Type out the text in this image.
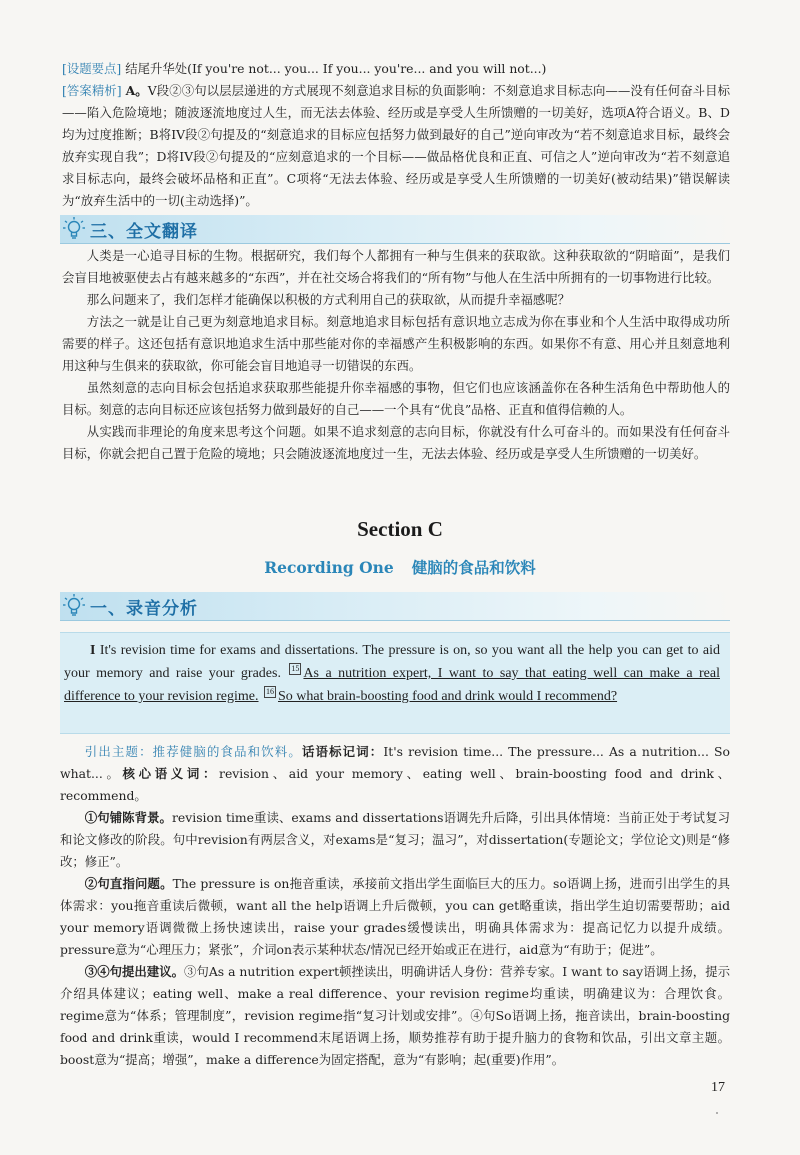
[设题要点] 结尾升华处(If you're not... you... If you... you're... and you will not...)

[答案精析] A。V段②③句以层层递进的方式展现不刻意追求目标的负面影响：不刻意追求目标志向——没有任何奋斗目标——陷入危险境地；随波逐流地度过人生，而无法去体验、经历或是享受人生所馈赠的一切美好，选项A符合语义。B、D均为过度推断；B将IV段②句提及的“刻意追求的目标应包括努力做到最好的自己”逆向审改为“若不刻意追求目标，最终会放弃实现自我”；D将IV段②句提及的“应刻意追求的一个目标——做品格优良和正直、可信之人”逆向审改为“若不刻意追求目标志向，最终会破坏品格和正直”。C项将“无法去体验、经历或是享受人生所馈赠的一切美好(被动结果)”错误解读为“放弃生活中的一切(主动选择)”。

三、全文翻译

人类是一心追寻目标的生物。根据研究，我们每个人都拥有一种与生俱来的获取欲。这种获取欲的“阴暗面”，是我们会盲目地被驱使去占有越来越多的“东西”，并在社交场合将我们的“所有物”与他人在生活中所拥有的一切事物进行比较。

那么问题来了，我们怎样才能确保以积极的方式利用自己的获取欲，从而提升幸福感呢？

方法之一就是让自己更为刻意地追求目标。刻意地追求目标包括有意识地立志成为你在事业和个人生活中取得成功所需要的样子。这还包括有意识地追求生活中那些能对你的幸福感产生积极影响的东西。如果你不有意、用心并且刻意地利用这种与生俱来的获取欲，你可能会盲目地追寻一切错误的东西。

虽然刻意的志向目标会包括追求获取那些能提升你幸福感的事物，但它们也应该涵盖你在各种生活角色中帮助他人的目标。刻意的志向目标还应该包括努力做到最好的自己——一个具有“优良”品格、正直和值得信赖的人。

从实践而非理论的角度来思考这个问题。如果不追求刻意的志向目标，你就没有什么可奋斗的。而如果没有任何奋斗目标，你就会把自己置于危险的境地；只会随波逐流地度过一生，无法去体验、经历或是享受人生所馈赠的一切美好。

Section C
Recording One 健脑的食品和饮料
一、录音分析
I It's revision time for exams and dissertations. The pressure is on, so you want all the help you can get to aid your memory and raise your grades. 15 As a nutrition expert, I want to say that eating well can make a real difference to your revision regime. 16 So what brain-boosting food and drink would I recommend?

引出主题：推荐健脑的食品和饮料。话语标记词：It's revision time... The pressure... As a nutrition... So what...。核心语义词：revision、aid your memory、eating well、brain-boosting food and drink、recommend。

①句铺陈背景。revision time重读、exams and dissertations语调先升后降，引出具体情境：当前正处于考试复习和论文修改的阶段。句中revision有两层含义，对exams是“复习；温习”，对dissertation(专题论文；学位论文)则是“修改；修正”。

②句直指问题。The pressure is on拖音重读，承接前文指出学生面临巨大的压力。so语调上扬，进而引出学生的具体需求：you拖音重读后微顿，want all the help语调上升后微顿，you can get略重读，指出学生迫切需要帮助；aid your memory语调微微上扬快速读出，raise your grades缓慢读出，明确具体需求为：提高记忆力以提升成绩。pressure意为“心理压力；紧张”，介词on表示某种状态/情况已经开始或正在进行，aid意为“有助于；促进”。

③④句提出建议。③句As a nutrition expert顿挫读出，明确讲话人身份：营养专家。I want to say语调上扬，提示介绍具体建议；eating well、make a real difference、your revision regime均重读，明确建议为：合理饮食。regime意为“体系；管理制度”，revision regime指“复习计划或安排”。④句So语调上扬，拖音读出，brain-boosting food and drink重读，would I recommend末尾语调上扬，顺势推荐有助于提升脑力的食物和饮品，引出文章主题。boost意为“提高；增强”，make a difference为固定搭配，意为“有影响；起(重要)作用”。

17
